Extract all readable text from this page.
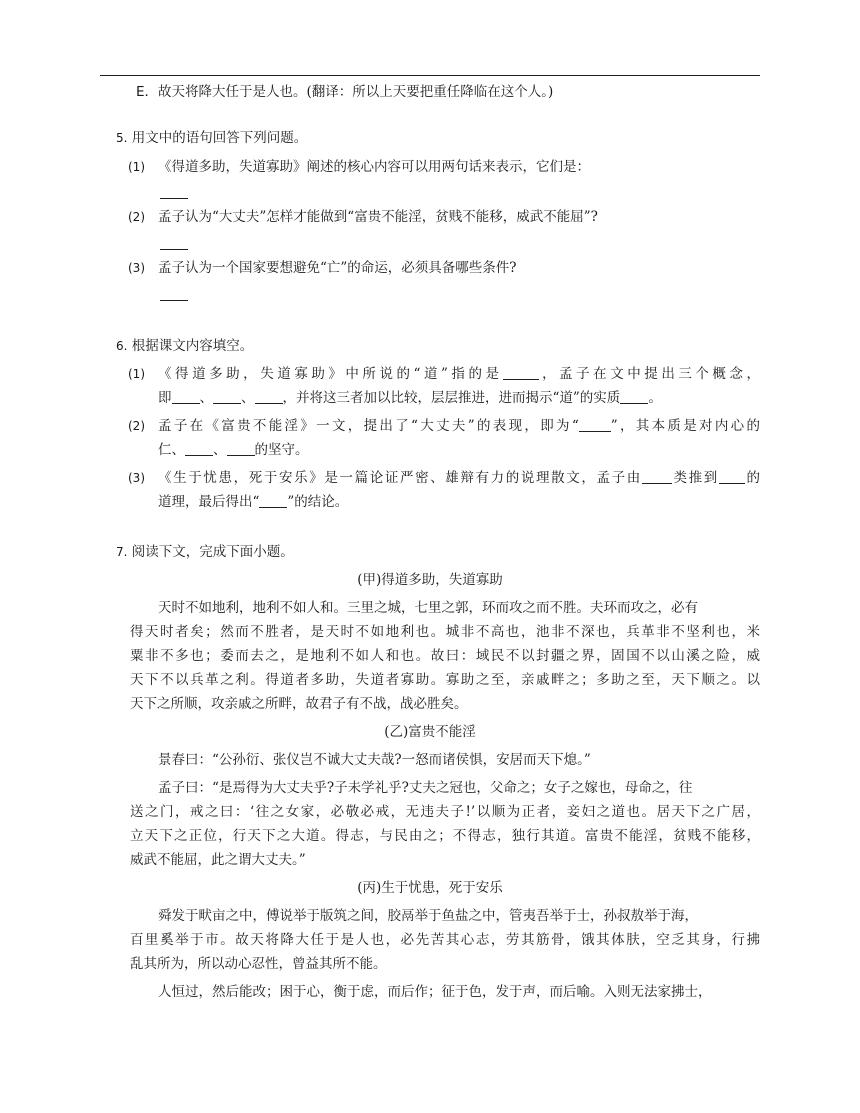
E．故天将降大任于是人也。(翻译：所以上天要把重任降临在这个人。)
5. 用文中的语句回答下列问题。
(1) 《得道多助，失道寡助》阐述的核心内容可以用两句话来表示，它们是：
(2) 孟子认为“大丈夫”怎样才能做到“富贵不能淫，贫贱不能移，威武不能屈”?
(3) 孟子认为一个国家要想避免“亡”的命运，必须具备哪些条件?
6. 根据课文内容填空。
(1) 《得道多助，失道寡助》中所说的“道”指的是	，孟子在文中提出三个概念，
即 、 、 ，并将这三者加以比较，层层推进，进而揭示“道”的实质 。
(2) 孟子在《富贵不能淫》一文，提出了“大丈夫”的表现，即为“ ”，其本质是对内心的
仁、 、 的坚守。
(3) 《生于忧患，死于安乐》是一篇论证严密、雄辩有力的说理散文，孟子由 类推到 的
道理，最后得出“ ”的结论。
7. 阅读下文，完成下面小题。
(甲)得道多助，失道寡助
天时不如地利，地利不如人和。三里之城，七里之郭，环而攻之而不胜。夫环而攻之，必有
得天时者矣；然而不胜者，是天时不如地利也。城非不高也，池非不深也，兵革非不坚利也，米
粟非不多也；委而去之，是地利不如人和也。故曰：域民不以封疆之界，固国不以山溪之险，威
天下不以兵革之利。得道者多助，失道者寡助。寡助之至，亲戚畔之；多助之至，天下顺之。以
天下之所顺，攻亲戚之所畔，故君子有不战，战必胜矣。
(乙)富贵不能淫
景春曰：“公孙衍、张仪岂不诚大丈夫哉?一怒而诸侯惧，安居而天下熄。”
孟子曰：“是焉得为大丈夫乎?子未学礼乎?丈夫之冠也，父命之；女子之嫁也，母命之，往
送之门，戒之曰：‘往之女家，必敬必戒，无违夫子!’以顺为正者，妾妇之道也。居天下之广居，
立天下之正位，行天下之大道。得志，与民由之；不得志，独行其道。富贵不能淫，贫贱不能移，
威武不能屈，此之谓大丈夫。”
(丙)生于忧患，死于安乐
舜发于畎亩之中，傅说举于版筑之间，胶鬲举于鱼盐之中，管夷吾举于士，孙叔敖举于海，
百里奚举于市。故天将降大任于是人也，必先苦其心志，劳其筋骨，饿其体肤，空乏其身，行拂
乱其所为，所以动心忍性，曾益其所不能。
人恒过，然后能改；困于心，衡于虑，而后作；征于色，发于声，而后喻。入则无法家拂士，
